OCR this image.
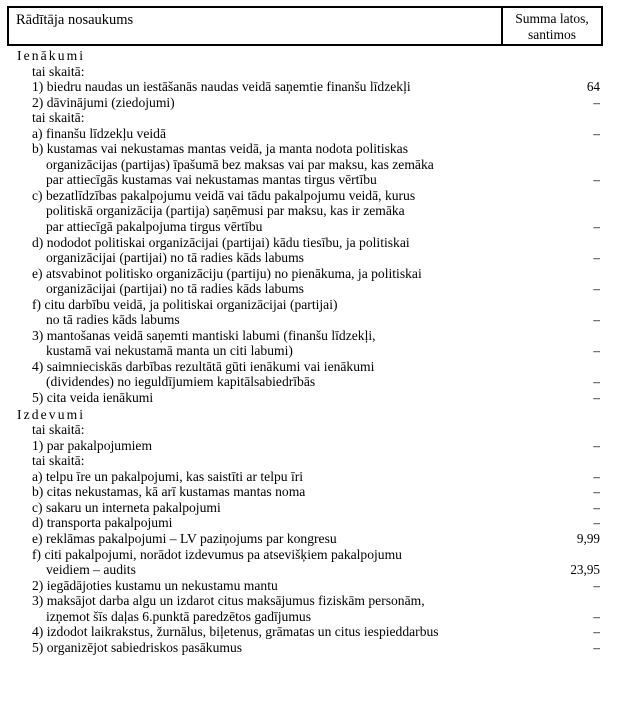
Rādītāja nosaukums	Summa latos,
santimos
Ienākumi
tai skaitā:
1) biedru naudas un iestāšanās naudas veidā saņemtie finanšu līdzekļi	64
2) dāvinājumi (ziedojumi)	–
tai skaitā:
a) finanšu līdzekļu veidā	–
b) kustamas vai nekustamas mantas veidā, ja manta nodota politiskas
organizācijas (partijas) īpašumā bez maksas vai par maksu, kas zemāka
par attiecīgās kustamas vai nekustamas mantas tirgus vērtību	–
c) bezatlīdzības pakalpojumu veidā vai tādu pakalpojumu veidā, kurus
politiskā organizācija (partija) saņēmusi par maksu, kas ir zemāka
par attiecīgā pakalpojuma tirgus vērtību	–
d) nododot politiskai organizācijai (partijai) kādu tiesību, ja politiskai
organizācijai (partijai) no tā radies kāds labums	–
e) atsvabinot politisko organizāciju (partiju) no pienākuma, ja politiskai
organizācijai (partijai) no tā radies kāds labums	–
f) citu darbību veidā, ja politiskai organizācijai (partijai)
no tā radies kāds labums	–
3) mantošanas veidā saņemti mantiski labumi (finanšu līdzekļi,
kustamā vai nekustamā manta un citi labumi)	–
4) saimnieciskās darbības rezultātā gūti ienākumi vai ienākumi
(dividendes) no ieguldījumiem kapitālsabiedrībās	–
5) cita veida ienākumi	–
Izdevumi
tai skaitā:
1) par pakalpojumiem	–
tai skaitā:
a) telpu īre un pakalpojumi, kas saistīti ar telpu īri	–
b) citas nekustamas, kā arī kustamas mantas noma	–
c) sakaru un interneta pakalpojumi	–
d) transporta pakalpojumi	–
e) reklāmas pakalpojumi – LV paziņojums par kongresu	9,99
f) citi pakalpojumi, norādot izdevumus pa atsevišķiem pakalpojumu
veidiem – audits	23,95
2) iegādājoties kustamu un nekustamu mantu	–
3) maksājot darba algu un izdarot citus maksājumus fiziskām personām,
izņemot šīs daļas 6.punktā paredzētos gadījumus	–
4) izdodot laikrakstus, žurnālus, biļetenus, grāmatas un citus iespieddarbus	–
5) organizējot sabiedriskos pasākumus	–
